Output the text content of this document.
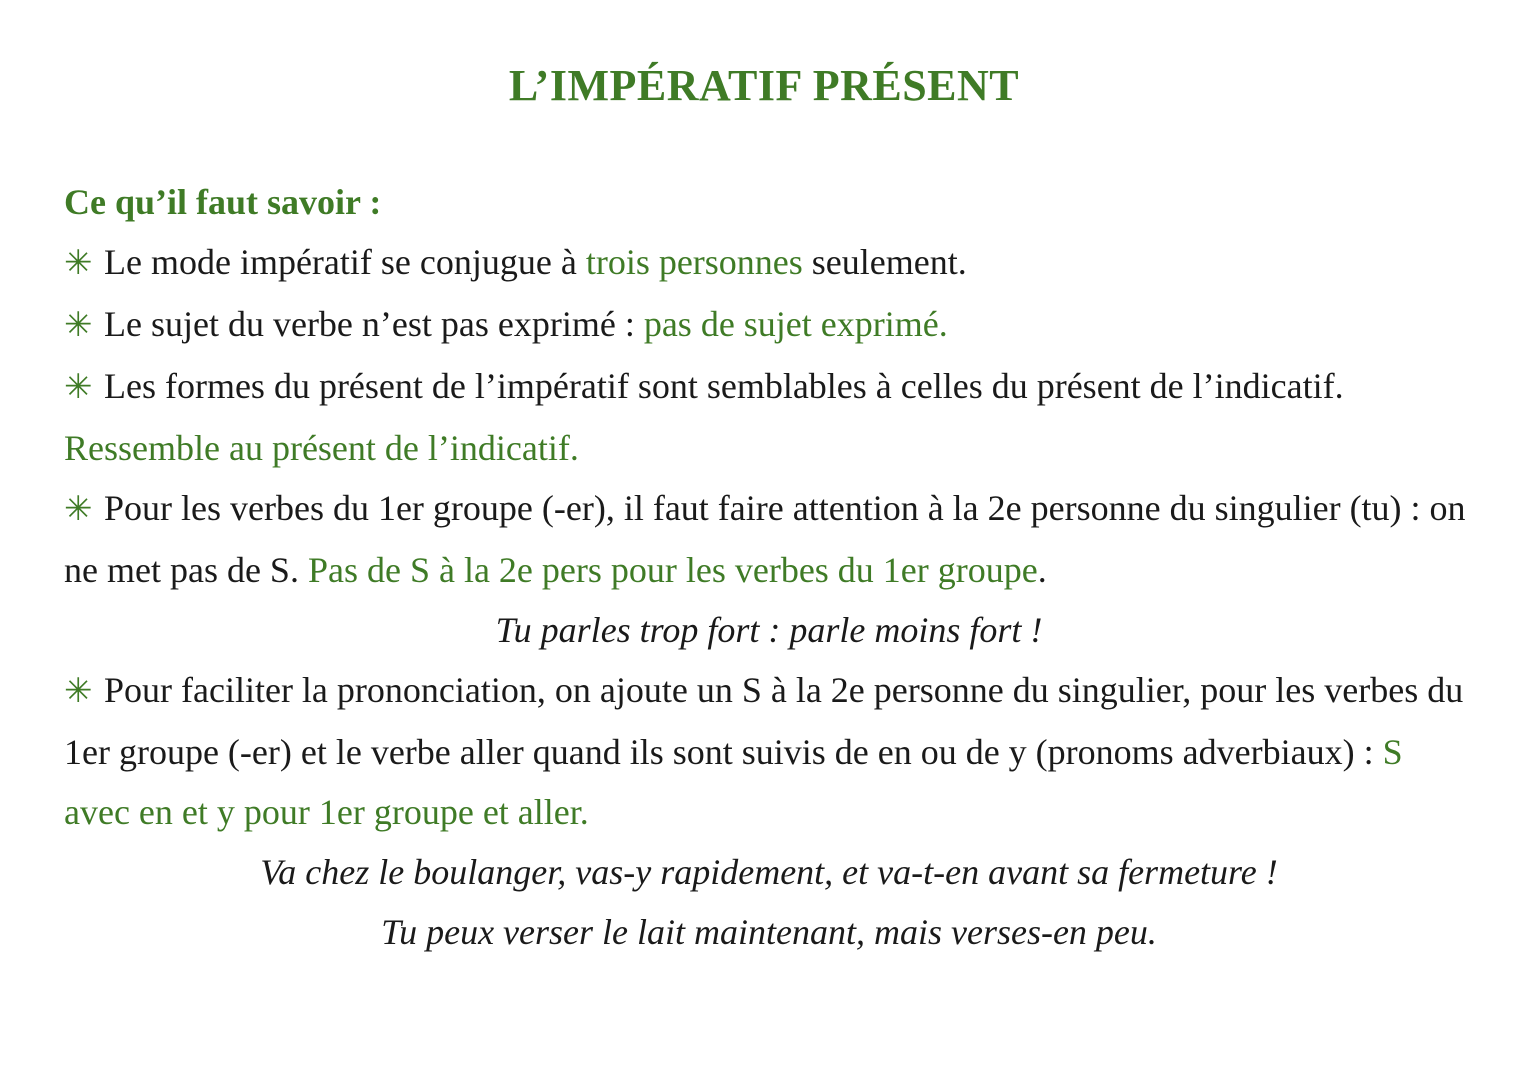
L’IMPÉRATIF PRÉSENT

Ce qu’il faut savoir :

✳ Le mode impératif se conjugue à trois personnes seulement.

✳ Le sujet du verbe n’est pas exprimé : pas de sujet exprimé.

✳ Les formes du présent de l’impératif sont semblables à celles du présent de l’indicatif. Ressemble au présent de l’indicatif.

✳ Pour les verbes du 1er groupe (-er), il faut faire attention à la 2e personne du singulier (tu) : on ne met pas de S. Pas de S à la 2e pers pour les verbes du 1er groupe.

Tu parles trop fort : parle moins fort !

✳ Pour faciliter la prononciation, on ajoute un S à la 2e personne du singulier, pour les verbes du 1er groupe (-er) et le verbe aller quand ils sont suivis de en ou de y (pronoms adverbiaux) : S avec en et y pour 1er groupe et aller.

Va chez le boulanger, vas-y rapidement, et va-t-en avant sa fermeture !

Tu peux verser le lait maintenant, mais verses-en peu.
